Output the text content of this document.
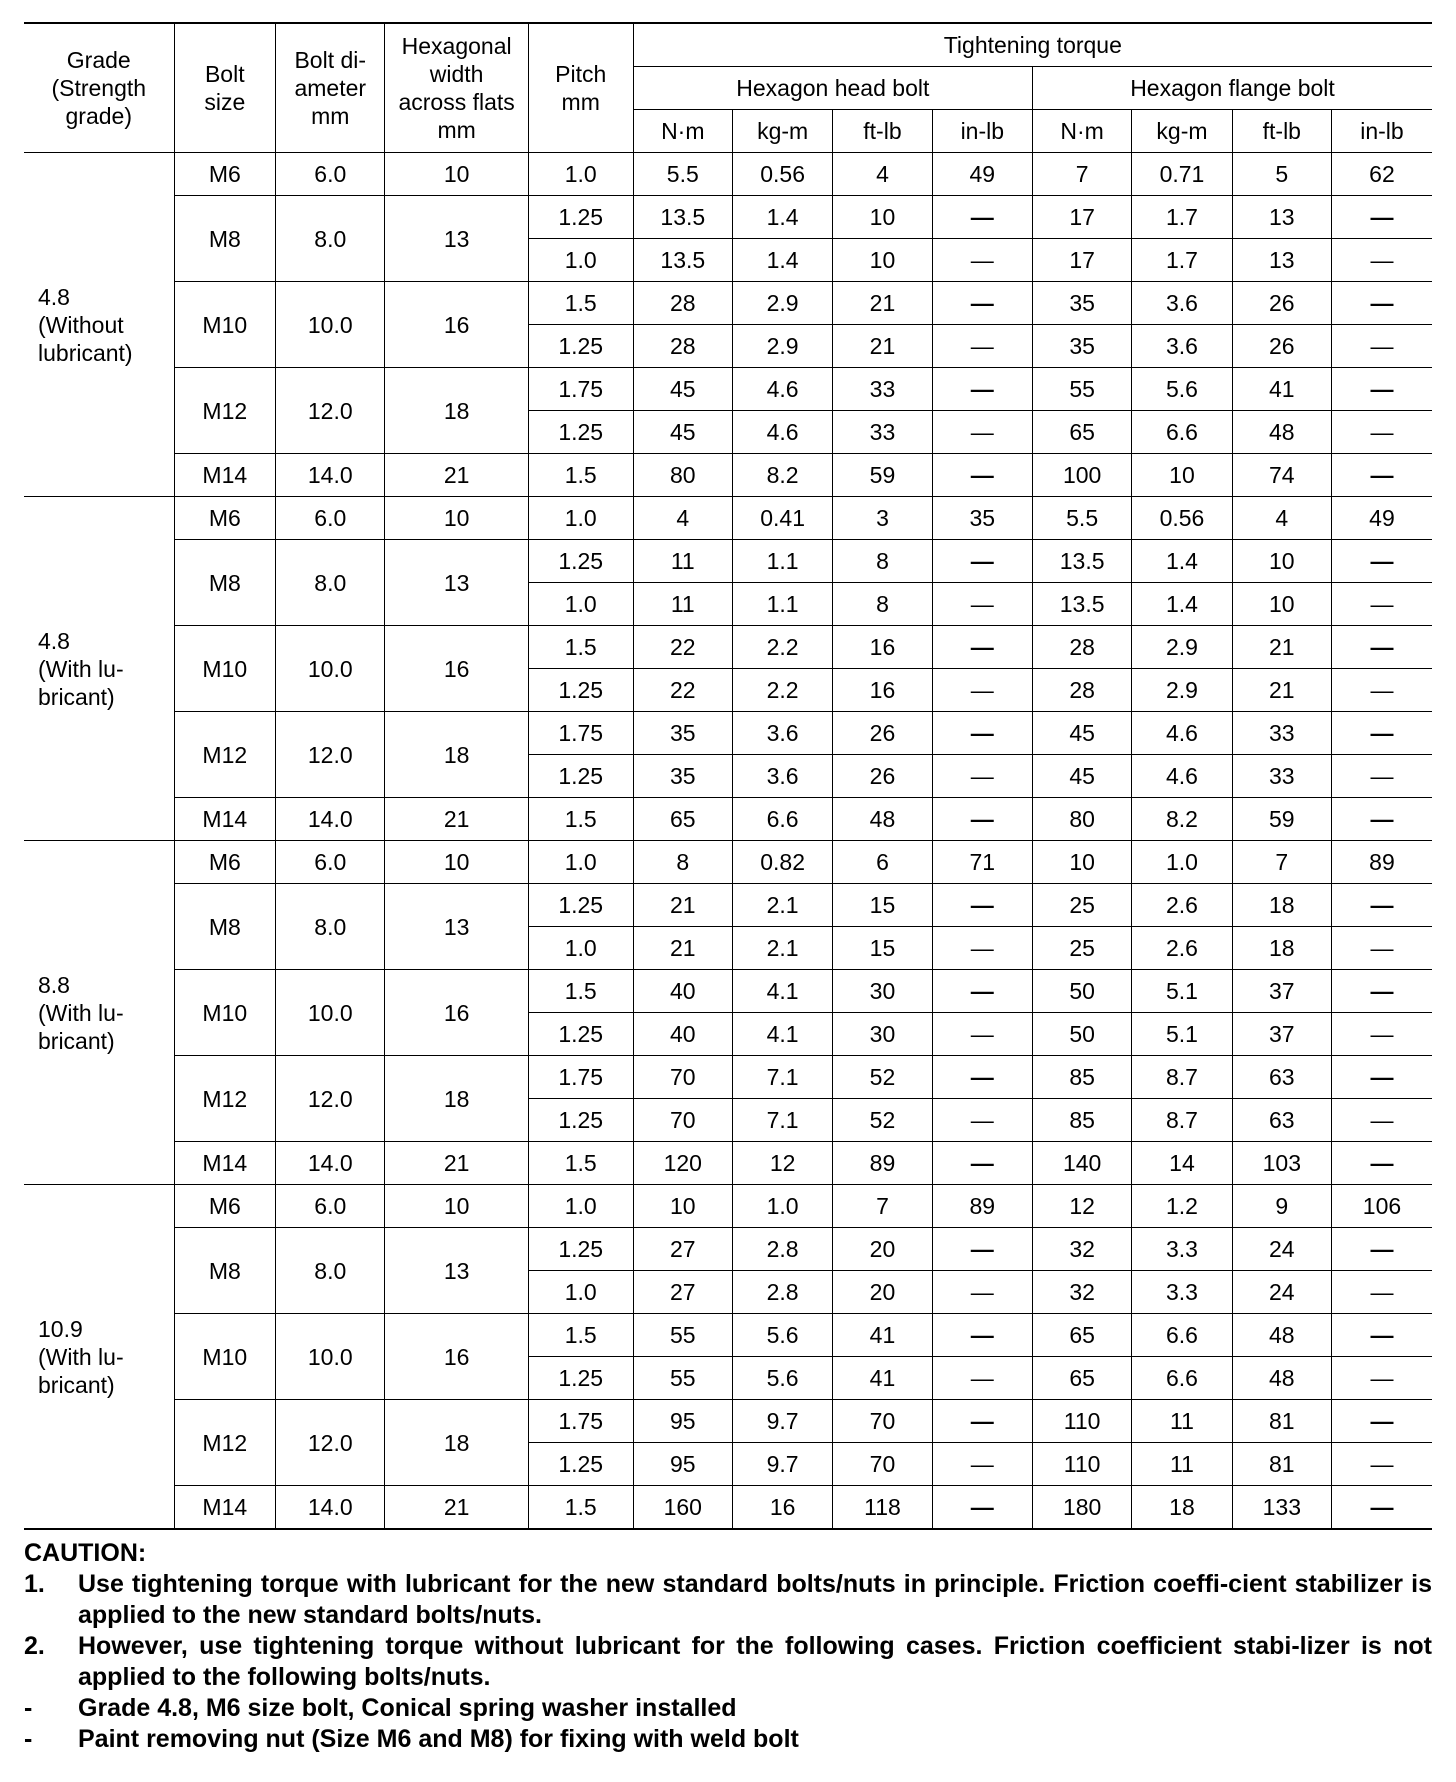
Grade
(Strength
grade)	Bolt
size	Bolt di-
ameter
mm	Hexagonal
width
across flats
mm	Pitch
mm	Tightening torque							
					Hexagon head bolt				Hexagon flange bolt			
					N·m	kg-m	ft-lb	in-lb	N·m	kg-m	ft-lb	in-lb

4.8
(Without
lubricant)	M6	6.0	10	1.0	5.5	0.56	4	49	7	0.71	5	62
	M8	8.0	13	1.25	13.5	1.4	10	—	17	1.7	13	—
				1.0	13.5	1.4	10	—	17	1.7	13	—
	M10	10.0	16	1.5	28	2.9	21	—	35	3.6	26	—
				1.25	28	2.9	21	—	35	3.6	26	—
	M12	12.0	18	1.75	45	4.6	33	—	55	5.6	41	—
				1.25	45	4.6	33	—	65	6.6	48	—
	M14	14.0	21	1.5	80	8.2	59	—	100	10	74	—

4.8
(With lu-
bricant)	M6	6.0	10	1.0	4	0.41	3	35	5.5	0.56	4	49
	M8	8.0	13	1.25	11	1.1	8	—	13.5	1.4	10	—
				1.0	11	1.1	8	—	13.5	1.4	10	—
	M10	10.0	16	1.5	22	2.2	16	—	28	2.9	21	—
				1.25	22	2.2	16	—	28	2.9	21	—
	M12	12.0	18	1.75	35	3.6	26	—	45	4.6	33	—
				1.25	35	3.6	26	—	45	4.6	33	—
	M14	14.0	21	1.5	65	6.6	48	—	80	8.2	59	—

8.8
(With lu-
bricant)	M6	6.0	10	1.0	8	0.82	6	71	10	1.0	7	89
	M8	8.0	13	1.25	21	2.1	15	—	25	2.6	18	—
				1.0	21	2.1	15	—	25	2.6	18	—
	M10	10.0	16	1.5	40	4.1	30	—	50	5.1	37	—
				1.25	40	4.1	30	—	50	5.1	37	—
	M12	12.0	18	1.75	70	7.1	52	—	85	8.7	63	—
				1.25	70	7.1	52	—	85	8.7	63	—
	M14	14.0	21	1.5	120	12	89	—	140	14	103	—

10.9
(With lu-
bricant)	M6	6.0	10	1.0	10	1.0	7	89	12	1.2	9	106
	M8	8.0	13	1.25	27	2.8	20	—	32	3.3	24	—
				1.0	27	2.8	20	—	32	3.3	24	—
	M10	10.0	16	1.5	55	5.6	41	—	65	6.6	48	—
				1.25	55	5.6	41	—	65	6.6	48	—
	M12	12.0	18	1.75	95	9.7	70	—	110	11	81	—
				1.25	95	9.7	70	—	110	11	81	—
	M14	14.0	21	1.5	160	16	118	—	180	18	133	—
CAUTION:
1.	Use tightening torque with lubricant for the new standard bolts/nuts in principle. Friction coeffi-cient stabilizer is applied to the new standard bolts/nuts.
2.	However, use tightening torque without lubricant for the following cases. Friction coefficient stabi-lizer is not applied to the following bolts/nuts.
-	Grade 4.8, M6 size bolt, Conical spring washer installed
-	Paint removing nut (Size M6 and M8) for fixing with weld bolt
